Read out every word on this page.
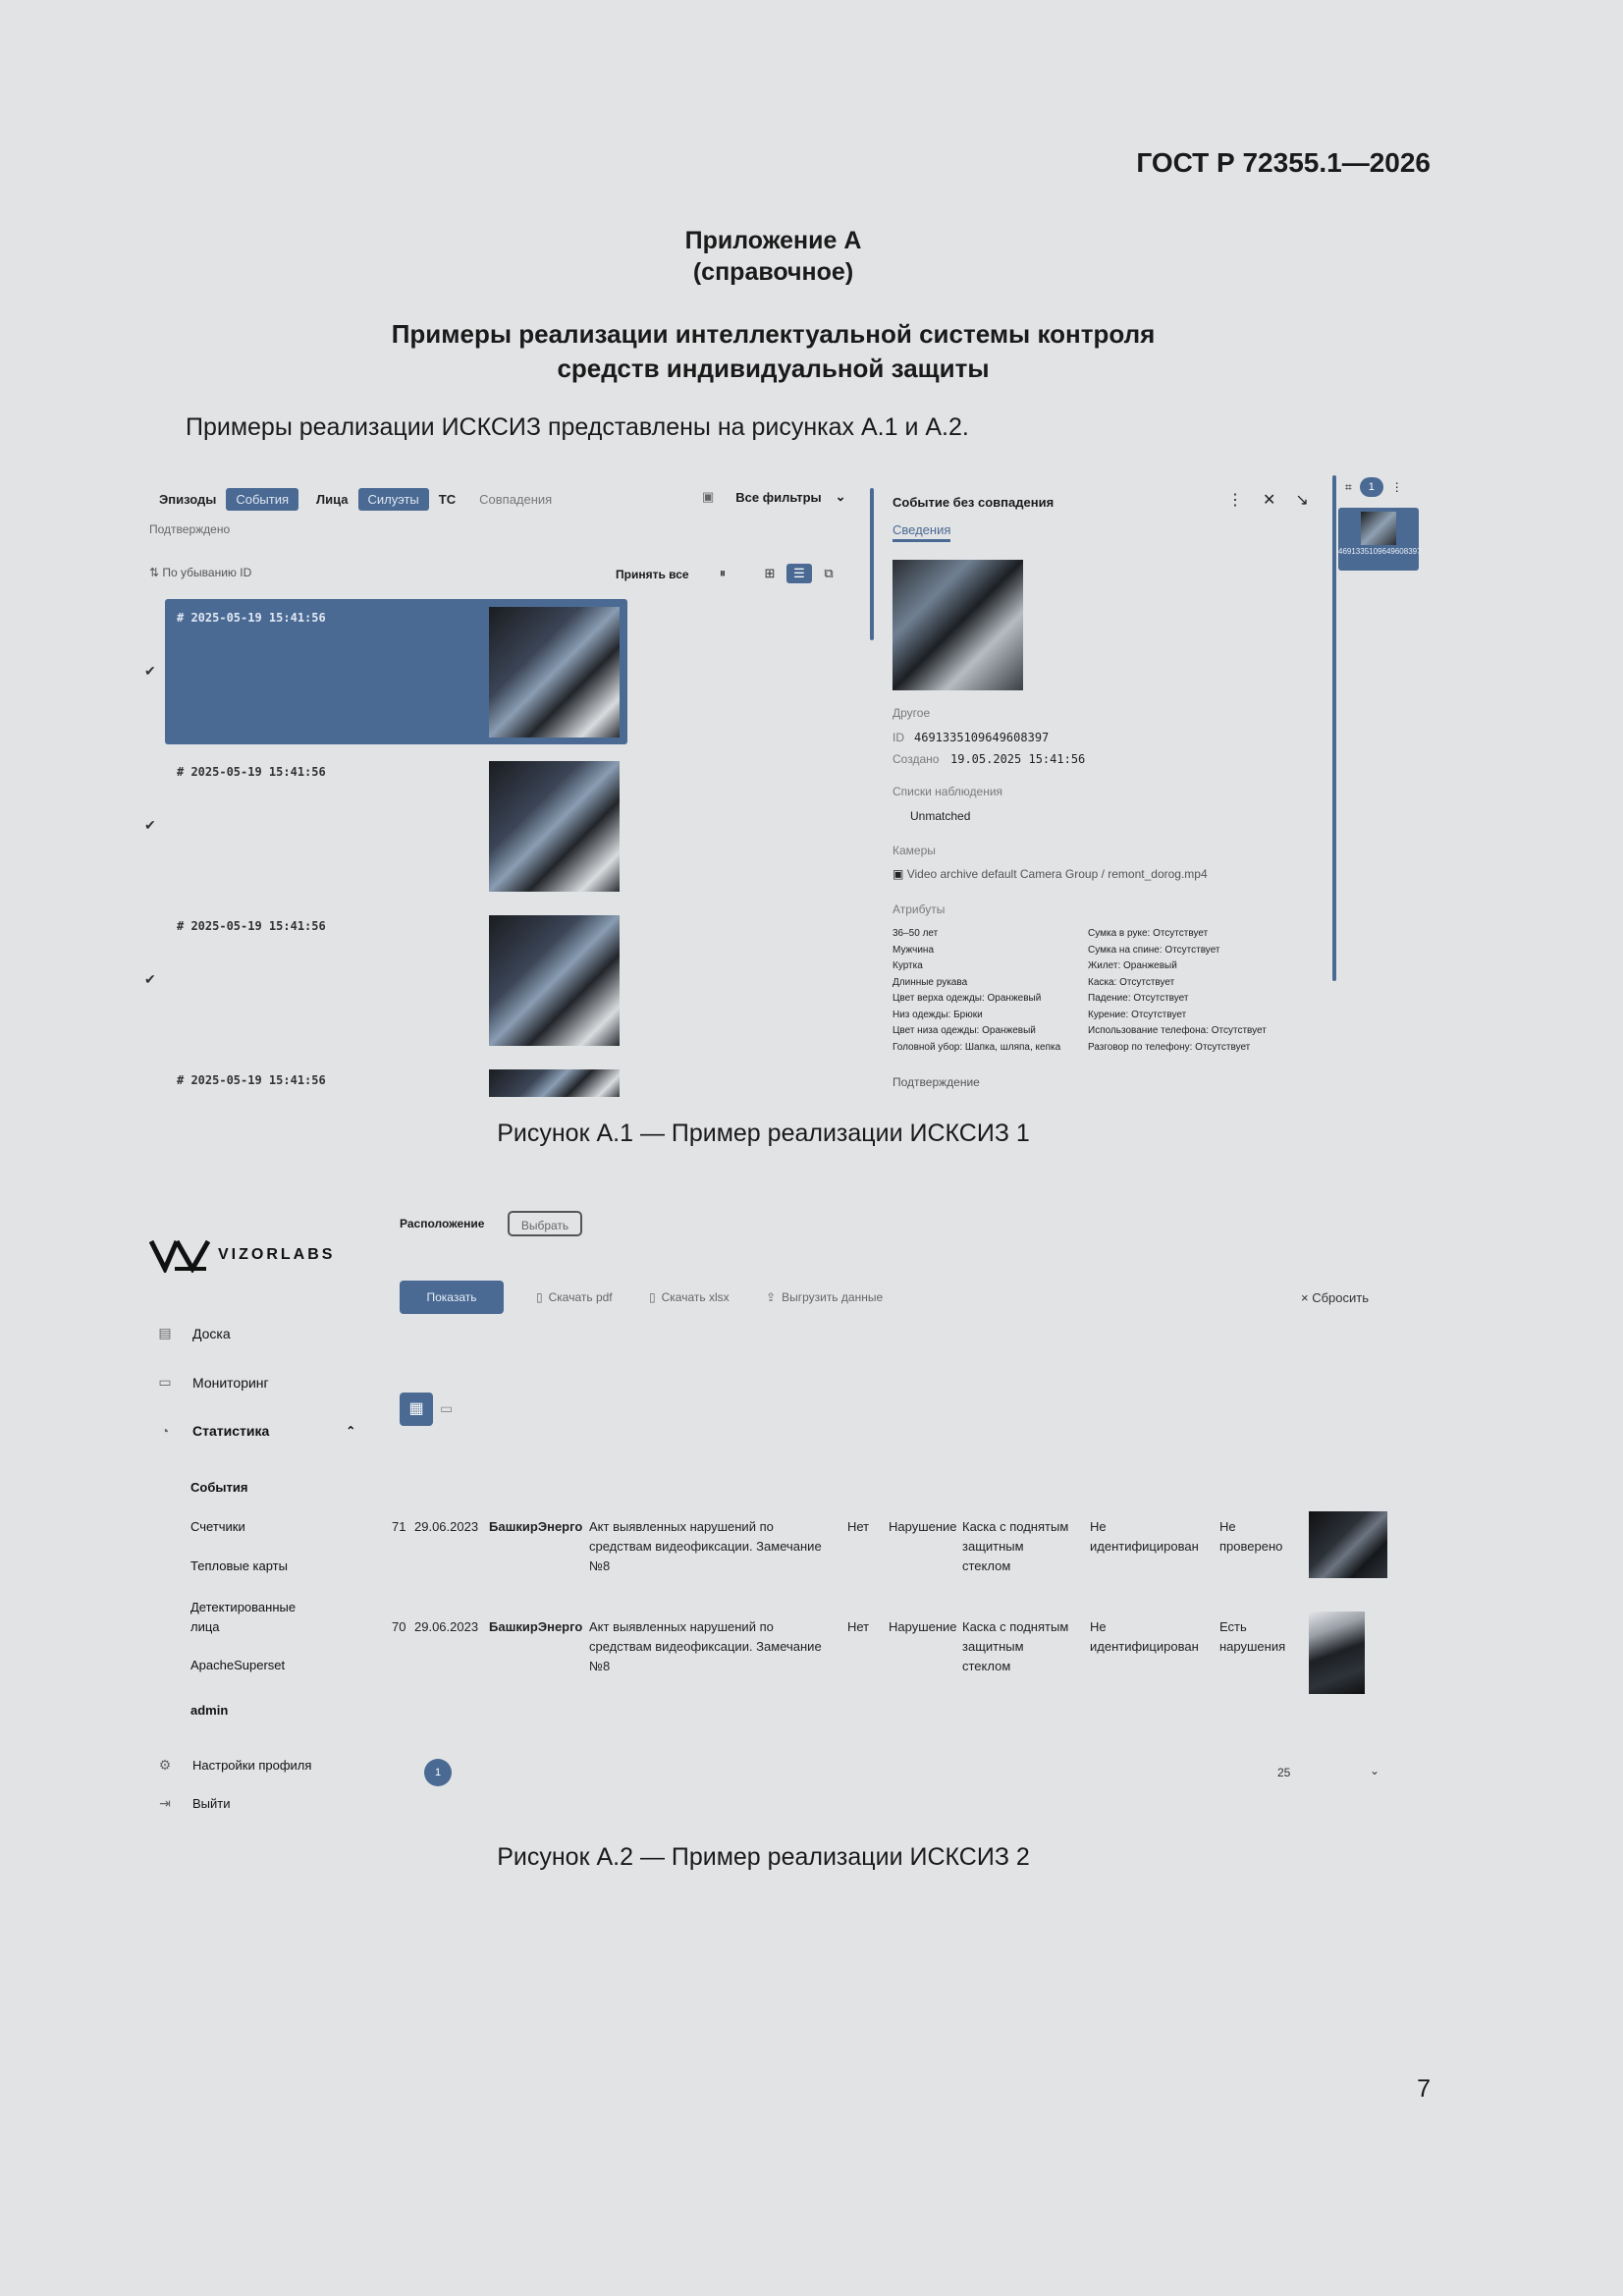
ГОСТ Р 72355.1—2026
Приложение А
(справочное)
Примеры реализации интеллектуальной системы контроля
средств индивидуальной защиты
Примеры реализации ИСКСИЗ представлены на рисунках А.1 и А.2.
Эпизоды	События	Лица	Силуэты	ТС	Совпадения	▣ Все фильтры ⌄
Подтверждено
⇅ По убыванию ID	Принять все	⏸	⊞	☰	⧉
# 2025-05-19 15:41:56
✔
# 2025-05-19 15:41:56
✔
# 2025-05-19 15:41:56
✔
# 2025-05-19 15:41:56
Событие без совпадения	⋮ ✕ ↘
Сведения
Другое
ID 4691335109649608397
Создано 19.05.2025 15:41:56
Списки наблюдения
Unmatched
Камеры
▣ Video archive default Camera Group / remont_dorog.mp4
Атрибуты
36–50 лет
Мужчина
Куртка
Длинные рукава
Цвет верха одежды: Оранжевый
Низ одежды: Брюки
Цвет низа одежды: Оранжевый
Головной убор: Шапка, шляпа, кепка
Сумка в руке: Отсутствует
Сумка на спине: Отсутствует
Жилет: Оранжевый
Каска: Отсутствует
Падение: Отсутствует
Курение: Отсутствует
Использование телефона: Отсутствует
Разговор по телефону: Отсутствует
Подтверждение
⌗	1	⋮
4691335109649608397
Рисунок А.1 — Пример реализации ИСКСИЗ 1
VIZORLABS
▤ Доска
▭ Мониторинг
◔	Статистика	⌃
События
Счетчики
Тепловые карты
Детектированные лица
ApacheSuperset
admin
⚙ Настройки профиля
⇥	Выйти
Расположение	Выбрать
Показать	▯ Скачать pdf	▯ Скачать xlsx	⇪ Выгрузить данные	× Сбросить
▦	▭
71 29.06.2023 БашкирЭнерго Акт выявленных нарушений по
средствам видеофиксации. Замечание
№8
Нет Нарушение Каска с поднятым
защитным
стеклом
Не
идентифицирован
Не
проверено
70 29.06.2023 БашкирЭнерго Акт выявленных нарушений по
средствам видеофиксации. Замечание
№8
Нет Нарушение Каска с поднятым
защитным
стеклом
Не
идентифицирован
Есть
нарушения
1	25	⌄
Рисунок А.2 — Пример реализации ИСКСИЗ 2
7
